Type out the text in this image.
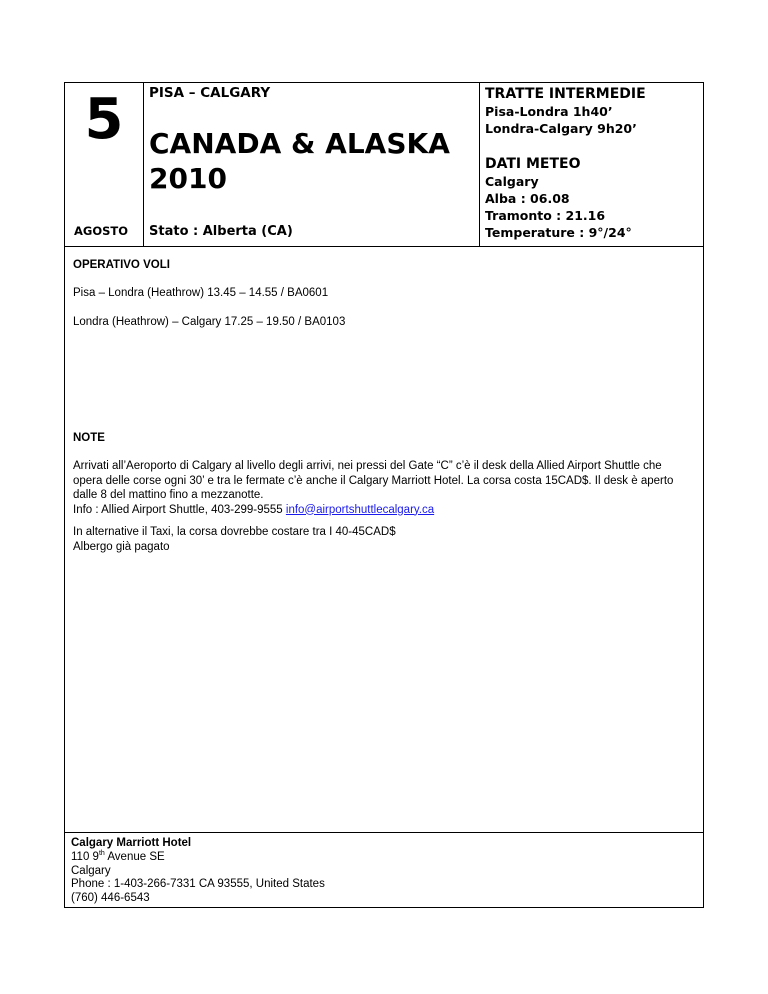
5
AGOSTO
PISA – CALGARY
CANADA & ALASKA
2010
Stato : Alberta (CA)
TRATTE INTERMEDIE
Pisa-Londra 1h40’
Londra-Calgary 9h20’
DATI METEO
Calgary
Alba : 06.08
Tramonto : 21.16
Temperature : 9°/24°
OPERATIVO VOLI
Pisa – Londra (Heathrow) 13.45 – 14.55 / BA0601
Londra (Heathrow) – Calgary 17.25 – 19.50 / BA0103
NOTE
Arrivati all’Aeroporto di Calgary al livello degli arrivi, nei pressi del Gate “C” c’è il desk della Allied Airport Shuttle che opera delle corse ogni 30’ e tra le fermate c’è anche il Calgary Marriott Hotel. La corsa costa 15CAD$. Il desk è aperto dalle 8 del mattino fino a mezzanotte.
Info : Allied Airport Shuttle, 403-299-9555 info@airportshuttlecalgary.ca
In alternative il Taxi, la corsa dovrebbe costare tra I 40-45CAD$
Albergo già pagato
Calgary Marriott Hotel
110 9th Avenue SE
Calgary
Phone : 1-403-266-7331 CA 93555, United States
(760) 446-6543
